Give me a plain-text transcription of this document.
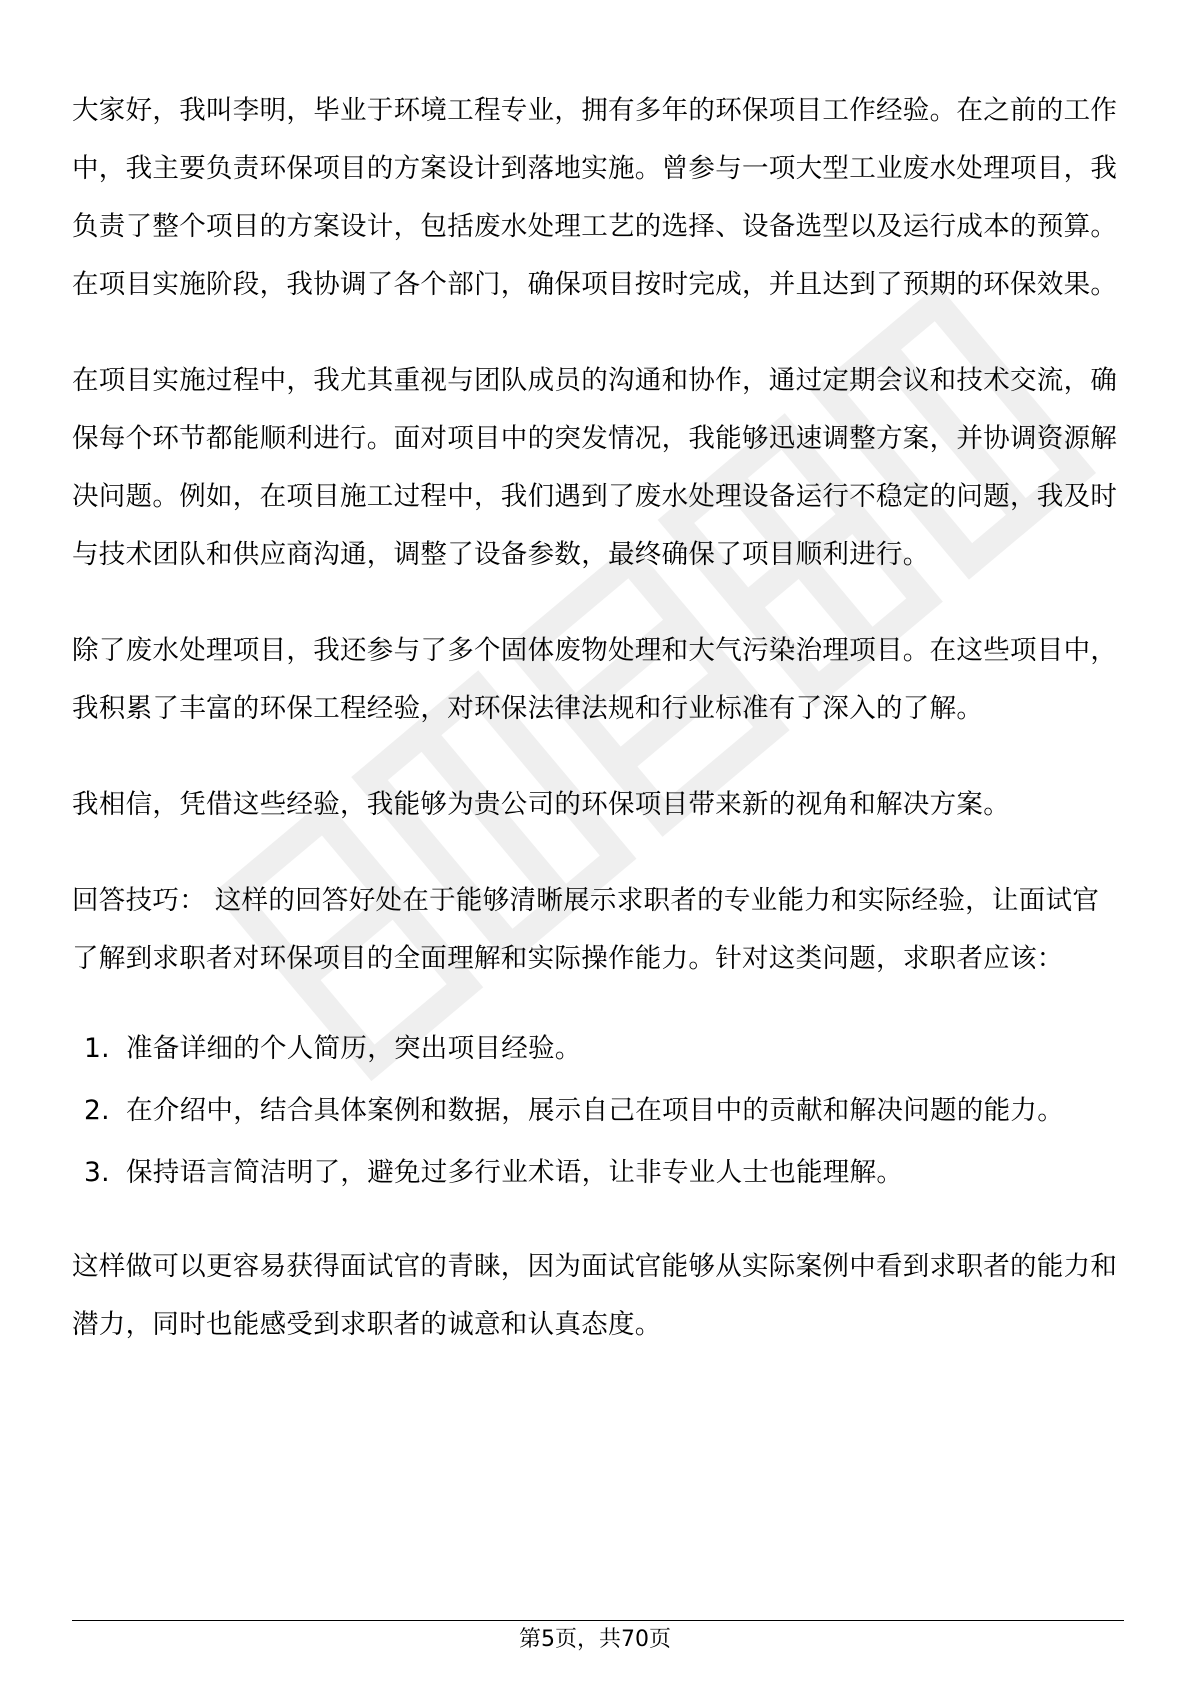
大家好，我叫李明，毕业于环境工程专业，拥有多年的环保项目工作经验。在之前的工作中，我主要负责环保项目的方案设计到落地实施。曾参与一项大型工业废水处理项目，我负责了整个项目的方案设计，包括废水处理工艺的选择、设备选型以及运行成本的预算。在项目实施阶段，我协调了各个部门，确保项目按时完成，并且达到了预期的环保效果。

在项目实施过程中，我尤其重视与团队成员的沟通和协作，通过定期会议和技术交流，确保每个环节都能顺利进行。面对项目中的突发情况，我能够迅速调整方案，并协调资源解决问题。例如，在项目施工过程中，我们遇到了废水处理设备运行不稳定的问题，我及时与技术团队和供应商沟通，调整了设备参数，最终确保了项目顺利进行。

除了废水处理项目，我还参与了多个固体废物处理和大气污染治理项目。在这些项目中，我积累了丰富的环保工程经验，对环保法律法规和行业标准有了深入的了解。

我相信，凭借这些经验，我能够为贵公司的环保项目带来新的视角和解决方案。

回答技巧： 这样的回答好处在于能够清晰展示求职者的专业能力和实际经验，让面试官了解到求职者对环保项目的全面理解和实际操作能力。针对这类问题，求职者应该：

1. 准备详细的个人简历，突出项目经验。
2. 在介绍中，结合具体案例和数据，展示自己在项目中的贡献和解决问题的能力。
3. 保持语言简洁明了，避免过多行业术语，让非专业人士也能理解。

这样做可以更容易获得面试官的青睐，因为面试官能够从实际案例中看到求职者的能力和潜力，同时也能感受到求职者的诚意和认真态度。

第5页，共70页
